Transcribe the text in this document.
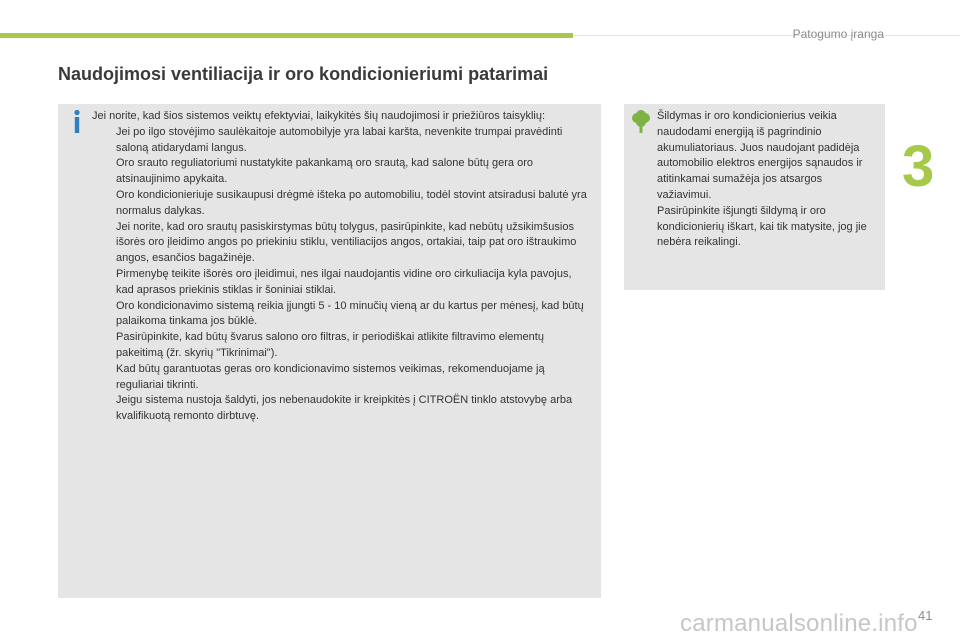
Patogumo įranga
Naudojimosi ventiliacija ir oro kondicionieriumi patarimai
3

Jei norite, kad šios sistemos veiktų efektyviai, laikykitės šių naudojimosi ir priežiūros taisyklių:

Jei po ilgo stovėjimo saulėkaitoje automobilyje yra labai karšta, nevenkite trumpai pravėdinti saloną atidarydami langus.

Oro srauto reguliatoriumi nustatykite pakankamą oro srautą, kad salone būtų gera oro atsinaujinimo apykaita.

Oro kondicionieriuje susikaupusi drėgmė išteka po automobiliu, todėl stovint atsiradusi balutė yra normalus dalykas.

Jei norite, kad oro srautų pasiskirstymas būtų tolygus, pasirūpinkite, kad nebūtų užsikimšusios išorės oro įleidimo angos po priekiniu stiklu, ventiliacijos angos, ortakiai, taip pat oro ištraukimo angos, esančios bagažinėje.

Pirmenybę teikite išorės oro įleidimui, nes ilgai naudojantis vidine oro cirkuliacija kyla pavojus, kad aprasos priekinis stiklas ir šoniniai stiklai.

Oro kondicionavimo sistemą reikia įjungti 5 - 10 minučių vieną ar du kartus per mėnesį, kad būtų palaikoma tinkama jos būklė.

Pasirūpinkite, kad būtų švarus salono oro filtras, ir periodiškai atlikite filtravimo elementų pakeitimą (žr. skyrių "Tikrinimai").

Kad būtų garantuotas geras oro kondicionavimo sistemos veikimas, rekomenduojame ją reguliariai tikrinti.

Jeigu sistema nustoja šaldyti, jos nebenaudokite ir kreipkitės į CITROËN tinklo atstovybę arba kvalifikuotą remonto dirbtuvę.

Šildymas ir oro kondicionierius veikia naudodami energiją iš pagrindinio akumuliatoriaus. Juos naudojant padidėja automobilio elektros energijos sąnaudos ir atitinkamai sumažėja jos atsargos važiavimui.

Pasirūpinkite išjungti šildymą ir oro kondicionierių iškart, kai tik matysite, jog jie nebėra reikalingi.

41
carmanualsonline.info
